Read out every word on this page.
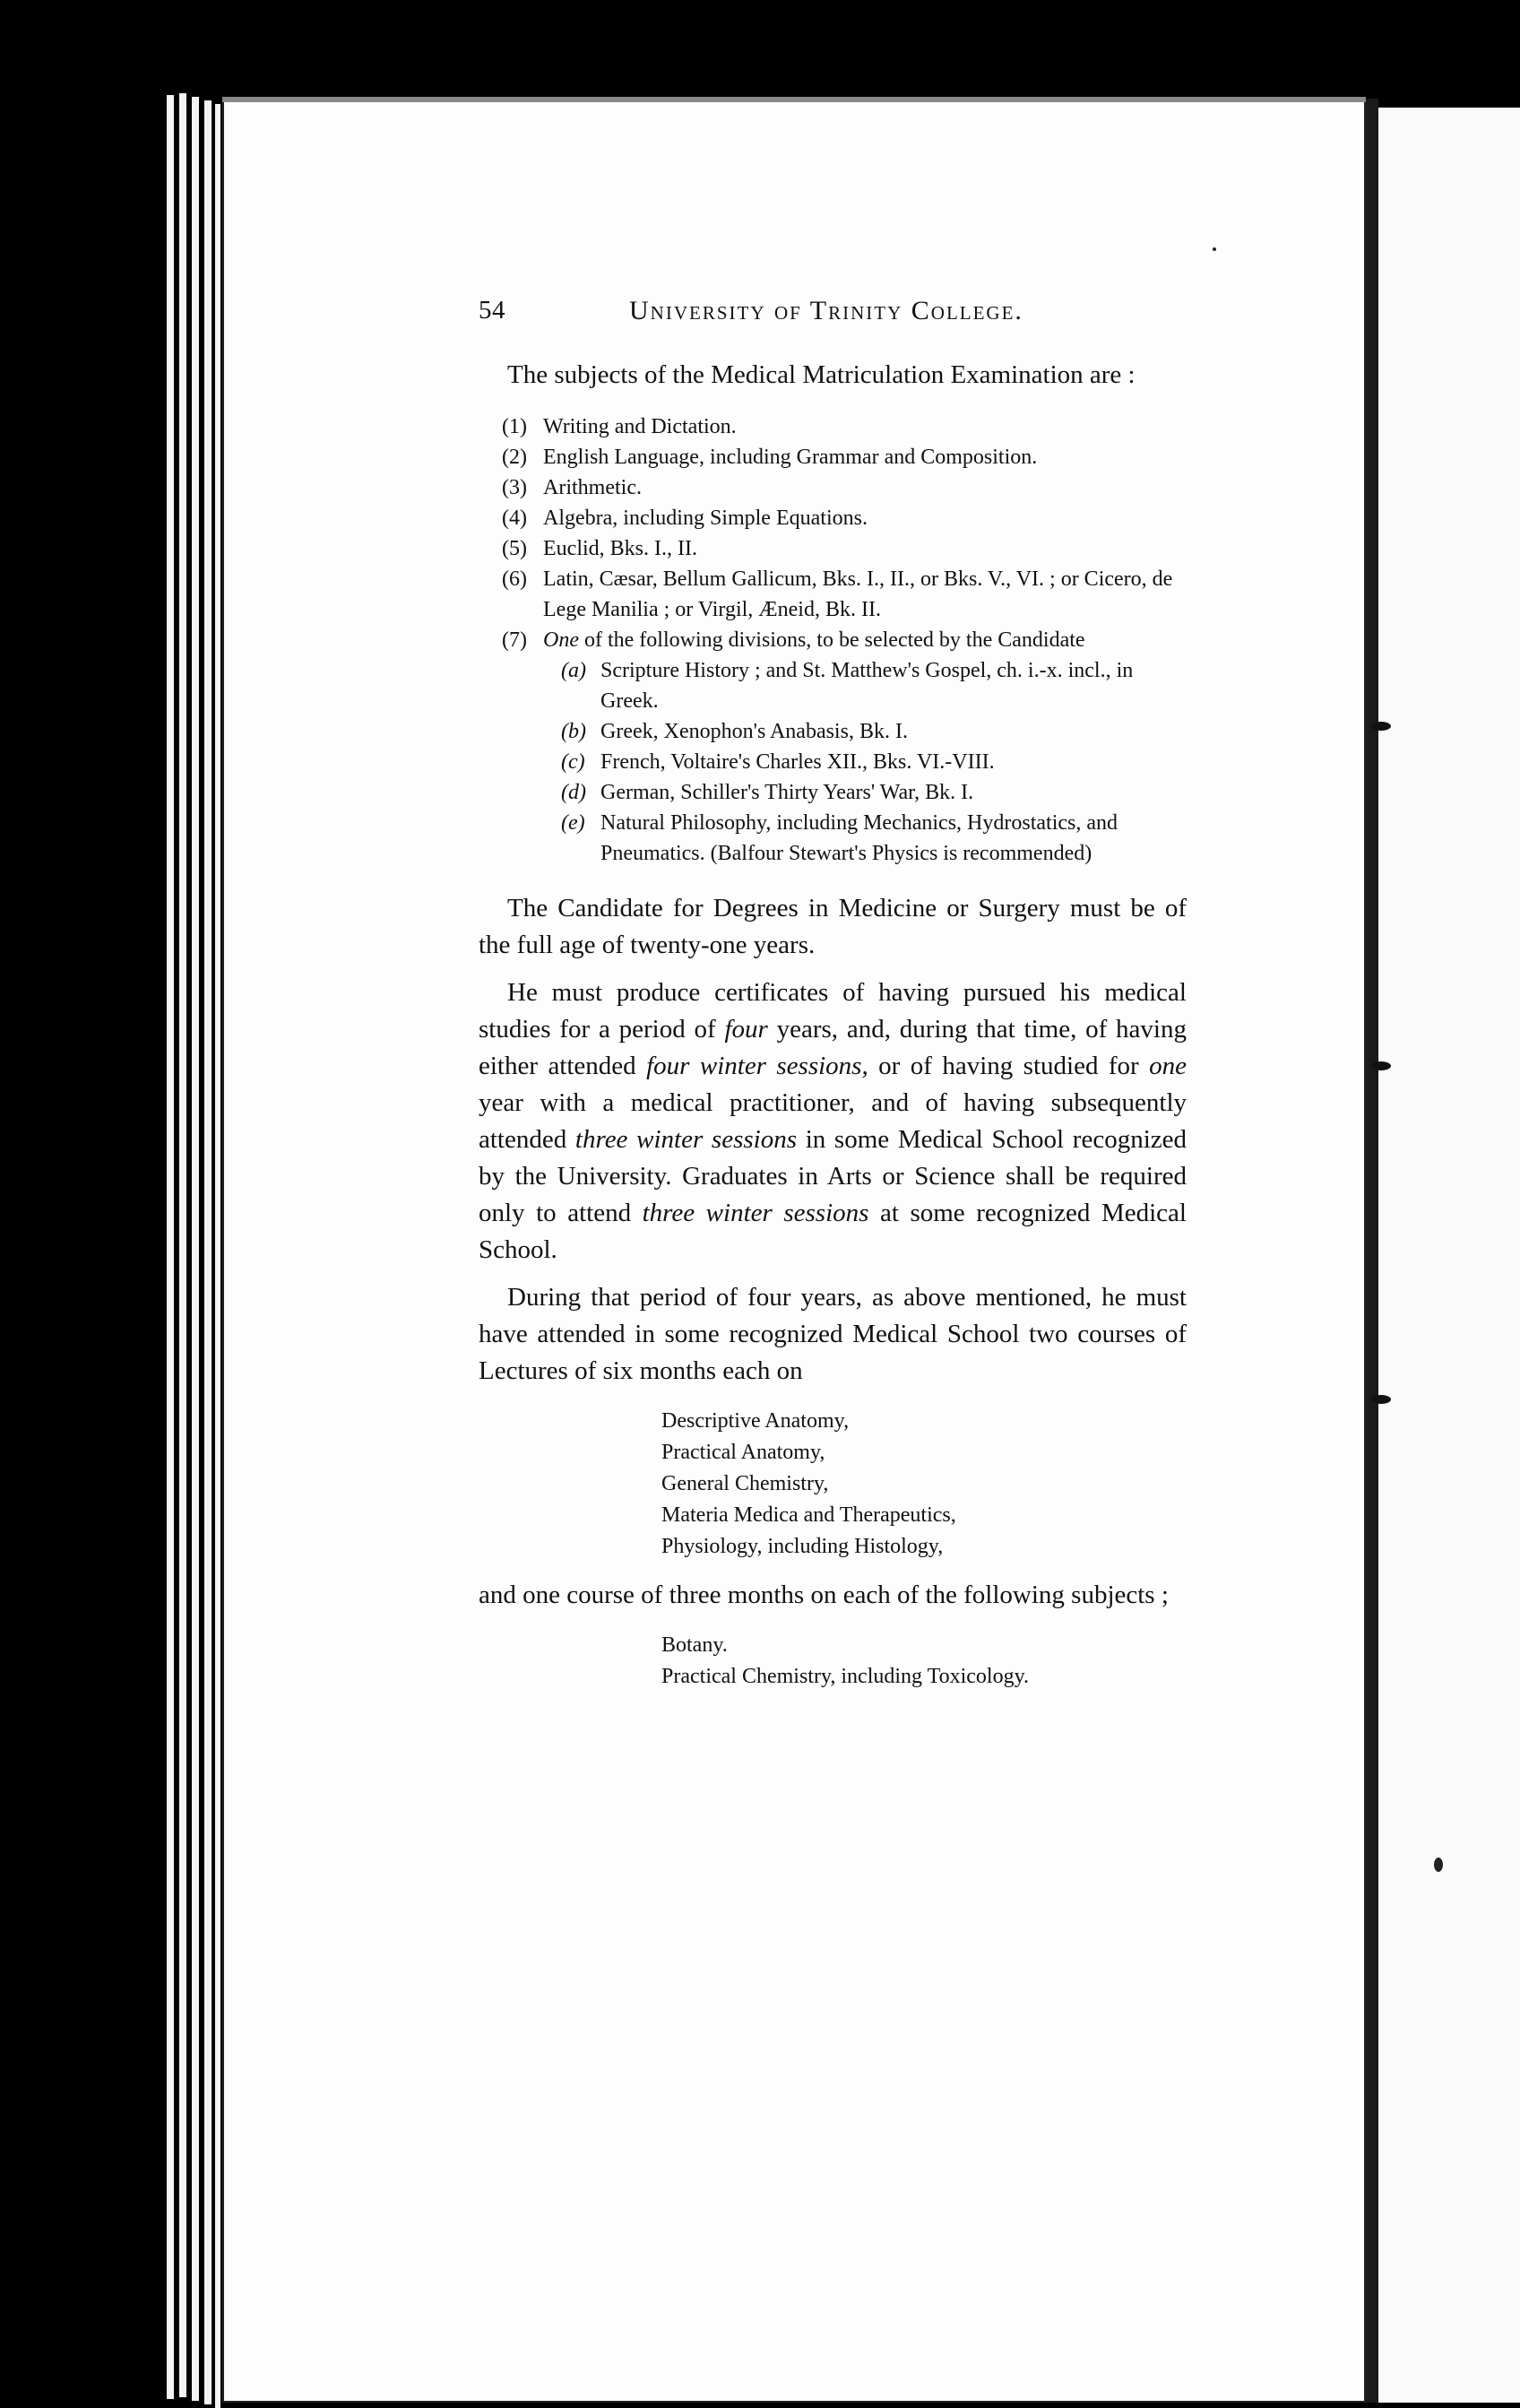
54	University of Trinity College.

The subjects of the Medical Matriculation Examination are :

(1) Writing and Dictation.
(2) English Language, including Grammar and Composition.
(3) Arithmetic.
(4) Algebra, including Simple Equations.
(5) Euclid, Bks. I., II.
(6) Latin, Cæsar, Bellum Gallicum, Bks. I., II., or Bks. V., VI. ; or Cicero, de Lege Manilia ; or Virgil, Æneid, Bk. II.
(7) One of the following divisions, to be selected by the Candidate
(a) Scripture History ; and St. Matthew's Gospel, ch. i.-x. incl., in Greek.
(b) Greek, Xenophon's Anabasis, Bk. I.
(c) French, Voltaire's Charles XII., Bks. VI.-VIII.
(d) German, Schiller's Thirty Years' War, Bk. I.
(e) Natural Philosophy, including Mechanics, Hydrostatics, and Pneumatics. (Balfour Stewart's Physics is recommended)

The Candidate for Degrees in Medicine or Surgery must be of the full age of twenty-one years.

He must produce certificates of having pursued his medical studies for a period of four years, and, during that time, of having either attended four winter sessions, or of having studied for one year with a medical practitioner, and of having subsequently attended three winter sessions in some Medical School recognized by the University. Graduates in Arts or Science shall be required only to attend three winter sessions at some recognized Medical School.

During that period of four years, as above mentioned, he must have attended in some recognized Medical School two courses of Lectures of six months each on

Descriptive Anatomy,
Practical Anatomy,
General Chemistry,
Materia Medica and Therapeutics,
Physiology, including Histology,

and one course of three months on each of the following subjects ;

Botany.
Practical Chemistry, including Toxicology.
